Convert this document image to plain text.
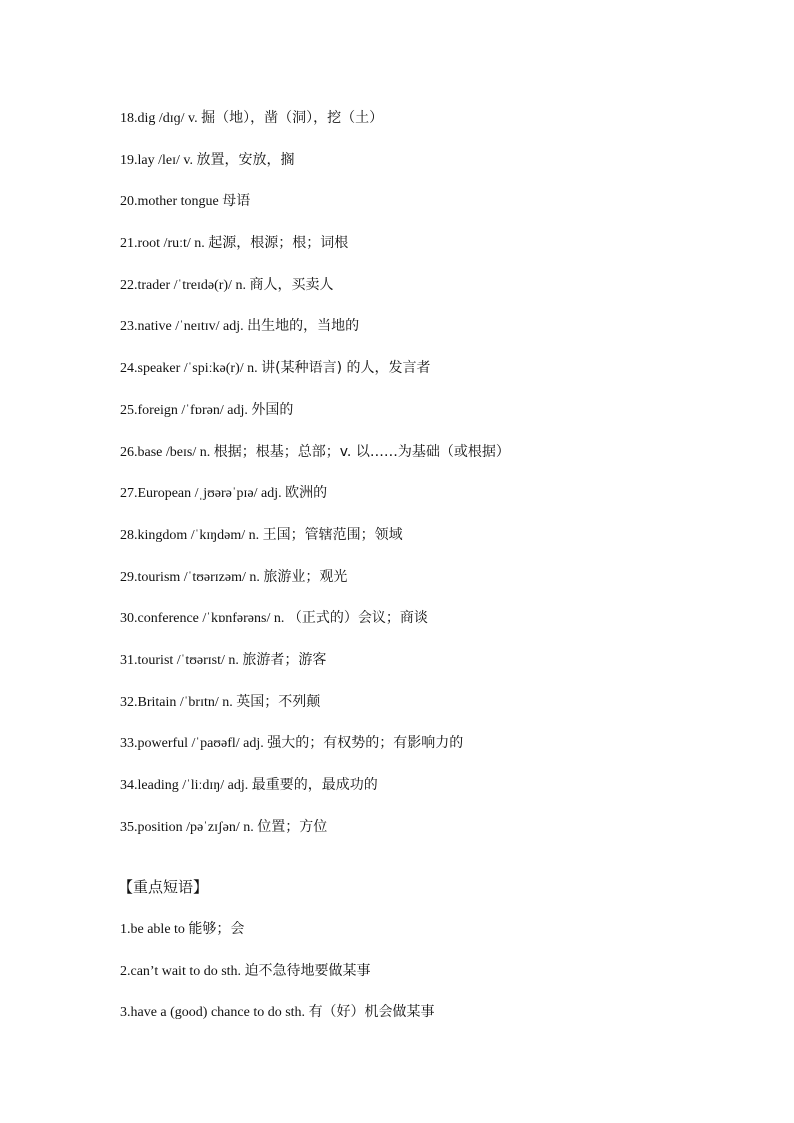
18.dig /dɪɡ/ v. 掘（地），凿（洞），挖（土）
19.lay /leɪ/ v. 放置，安放，搁
20.mother tongue 母语
21.root /ruːt/ n. 起源，根源；根；词根
22.trader /ˈtreɪdə(r)/ n. 商人，买卖人
23.native /ˈneɪtɪv/ adj. 出生地的，当地的
24.speaker /ˈspiːkə(r)/ n. 讲(某种语言) 的人，发言者
25.foreign /ˈfɒrən/ adj. 外国的
26.base /beɪs/ n. 根据；根基；总部；v. 以……为基础（或根据）
27.European /ˌjʊərəˈpɪə/ adj. 欧洲的
28.kingdom /ˈkɪŋdəm/ n. 王国；管辖范围；领域
29.tourism /ˈtʊərɪzəm/ n. 旅游业；观光
30.conference /ˈkɒnfərəns/ n. （正式的）会议；商谈
31.tourist /ˈtʊərɪst/ n. 旅游者；游客
32.Britain /ˈbrɪtn/ n. 英国；不列颠
33.powerful /ˈpaʊəfl/ adj. 强大的；有权势的；有影响力的
34.leading /ˈliːdɪŋ/ adj. 最重要的，最成功的
35.position /pəˈzɪʃən/ n. 位置；方位
【重点短语】
1.be able to 能够；会
2.can’t wait to do sth. 迫不急待地要做某事
3.have a (good) chance to do sth. 有（好）机会做某事
